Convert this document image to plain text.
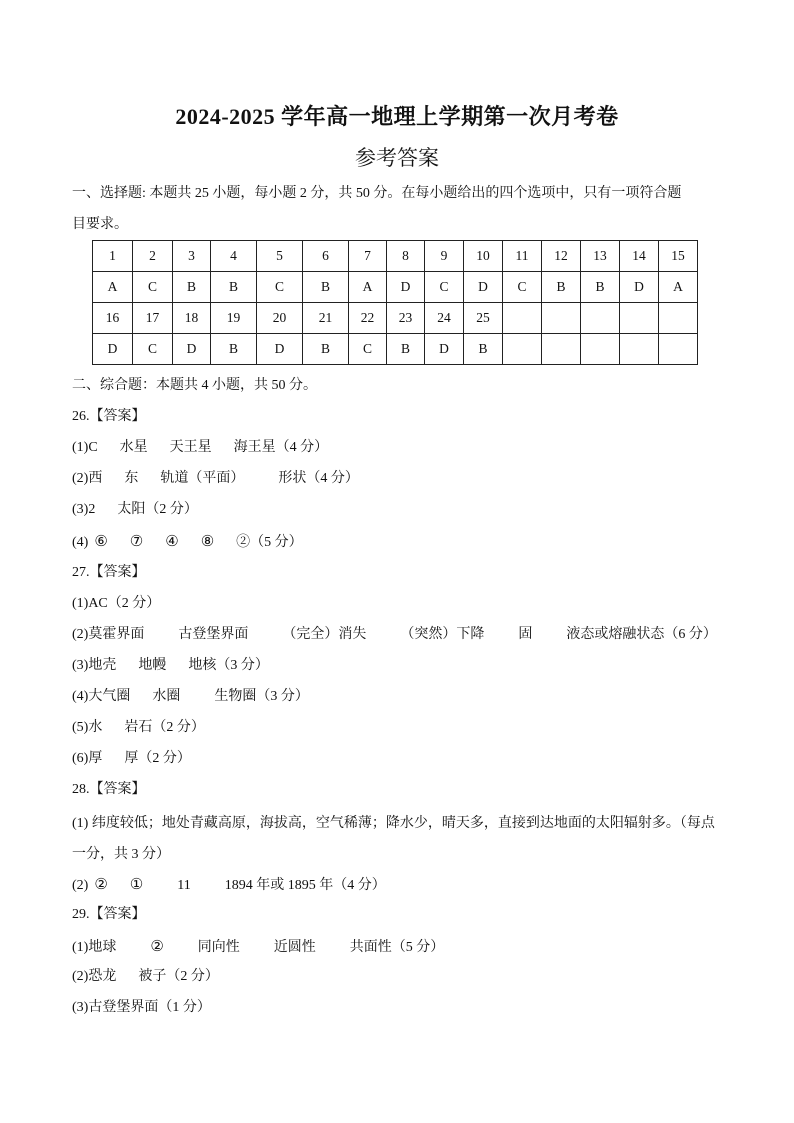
2024-2025 学年高一地理上学期第一次月考卷
参考答案
一、选择题: 本题共 25 小题，每小题 2 分，共 50 分。在每小题给出的四个选项中，只有一项符合题
目要求。
1	2	3	4	5	6	7	8	9	10	11	12	13	14	15
A	C	B	B	C	B	A	D	C	D	C	B	B	D	A
16	17	18	19	20	21	22	23	24	25					
D	C	D	B	D	B	C	B	D	B					
二、综合题：本题共 4 小题，共 50 分。
26.【答案】
(1)C 水星 天王星 海王星（4 分）
(2)西 东 轨道（平面） 形状（4 分）
(3)2 太阳（2 分）
(4) ⑥ ⑦ ④ ⑧ ②（5 分）
27.【答案】
(1)AC（2 分）
(2)莫霍界面 古登堡界面 （完全）消失 （突然）下降 固 液态或熔融状态（6 分）
(3)地壳 地幔 地核（3 分）
(4)大气圈 水圈 生物圈（3 分）
(5)水 岩石（2 分）
(6)厚 厚（2 分）
28.【答案】
(1) 纬度较低；地处青藏高原，海拔高，空气稀薄；降水少，晴天多，直接到达地面的太阳辐射多。（每点一分，共 3 分）
(2) ② ① 11 1894 年或 1895 年（4 分）
29.【答案】
(1)地球 ② 同向性 近圆性 共面性（5 分）
(2)恐龙 被子（2 分）
(3)古登堡界面（1 分）
